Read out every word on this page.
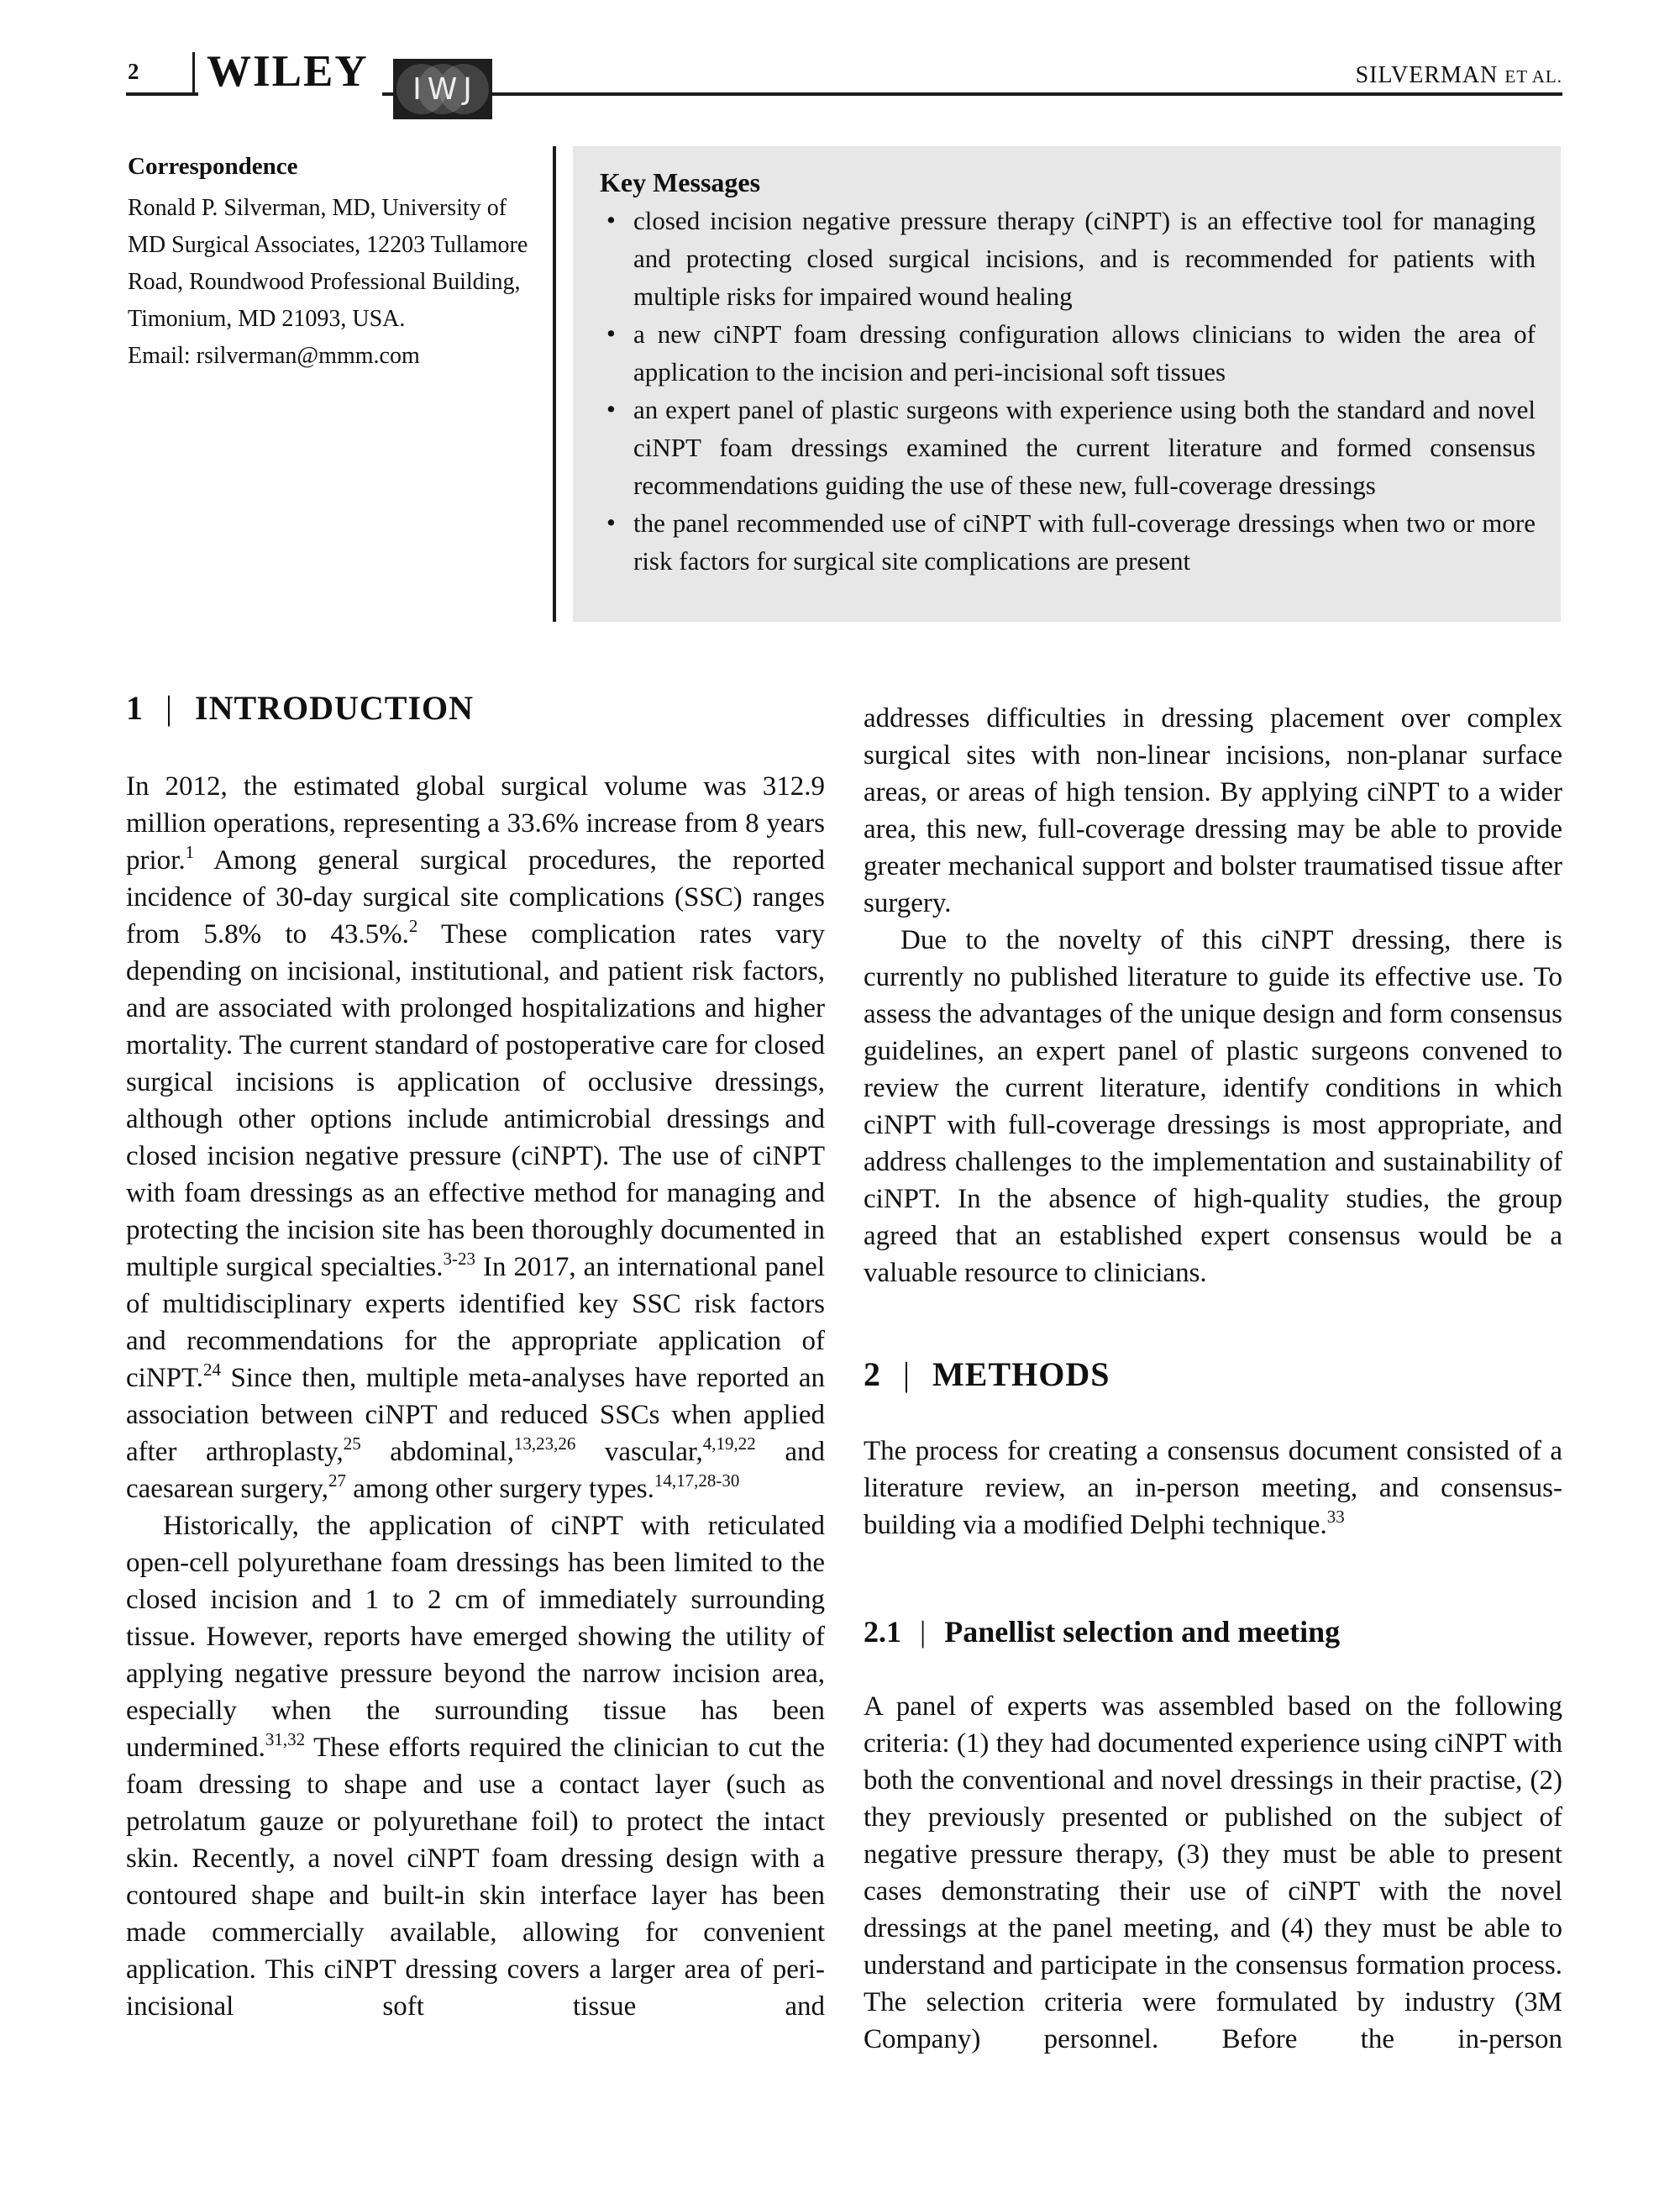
2 WILEY	IWJ	SILVERMAN ET AL.
Correspondence
Ronald P. Silverman, MD, University of
MD Surgical Associates, 12203 Tullamore
Road, Roundwood Professional Building,
Timonium, MD 21093, USA.
Email: rsilverman@mmm.com
Key Messages
• closed incision negative pressure therapy (ciNPT) is an effective tool for managing and protecting closed surgical incisions, and is recommended for patients with multiple risks for impaired wound healing
• a new ciNPT foam dressing configuration allows clinicians to widen the area of application to the incision and peri-incisional soft tissues
• an expert panel of plastic surgeons with experience using both the standard and novel ciNPT foam dressings examined the current literature and formed consensus recommendations guiding the use of these new, full-coverage dressings
• the panel recommended use of ciNPT with full-coverage dressings when two or more risk factors for surgical site complications are present
1 | INTRODUCTION

In 2012, the estimated global surgical volume was 312.9 million operations, representing a 33.6% increase from 8 years prior.$^1$ Among general surgical procedures, the reported incidence of 30-day surgical site complications (SSC) ranges from 5.8% to 43.5%.$^2$ These complication rates vary depending on incisional, institutional, and patient risk factors, and are associated with prolonged hospitalizations and higher mortality. The current standard of postoperative care for closed surgical incisions is application of occlusive dressings, although other options include antimicrobial dressings and closed incision negative pressure (ciNPT). The use of ciNPT with foam dressings as an effective method for managing and protecting the incision site has been thoroughly documented in multiple surgical specialties.$^{3-23}$ In 2017, an international panel of multidisciplinary experts identified key SSC risk factors and recommendations for the appropriate application of ciNPT.$^{24}$ Since then, multiple meta-analyses have reported an association between ciNPT and reduced SSCs when applied after arthroplasty,$^{25}$ abdominal,$^{13,23,26}$ vascular,$^{4,19,22}$ and caesarean surgery,$^{27}$ among other surgery types.$^{14,17,28-30}$

Historically, the application of ciNPT with reticulated open-cell polyurethane foam dressings has been limited to the closed incision and 1 to 2 cm of immediately surrounding tissue. However, reports have emerged showing the utility of applying negative pressure beyond the narrow incision area, especially when the surrounding tissue has been undermined.$^{31,32}$ These efforts required the clinician to cut the foam dressing to shape and use a contact layer (such as petrolatum gauze or polyurethane foil) to protect the intact skin. Recently, a novel ciNPT foam dressing design with a contoured shape and built-in skin interface layer has been made commercially available, allowing for convenient application. This ciNPT dressing covers a larger area of peri-incisional soft tissue and

addresses difficulties in dressing placement over complex surgical sites with non-linear incisions, non-planar surface areas, or areas of high tension. By applying ciNPT to a wider area, this new, full-coverage dressing may be able to provide greater mechanical support and bolster traumatised tissue after surgery.

Due to the novelty of this ciNPT dressing, there is currently no published literature to guide its effective use. To assess the advantages of the unique design and form consensus guidelines, an expert panel of plastic surgeons convened to review the current literature, identify conditions in which ciNPT with full-coverage dressings is most appropriate, and address challenges to the implementation and sustainability of ciNPT. In the absence of high-quality studies, the group agreed that an established expert consensus would be a valuable resource to clinicians.

2 | METHODS

The process for creating a consensus document consisted of a literature review, an in-person meeting, and consensus-building via a modified Delphi technique.$^{33}$

2.1 | Panellist selection and meeting

A panel of experts was assembled based on the following criteria: (1) they had documented experience using ciNPT with both the conventional and novel dressings in their practise, (2) they previously presented or published on the subject of negative pressure therapy, (3) they must be able to present cases demonstrating their use of ciNPT with the novel dressings at the panel meeting, and (4) they must be able to understand and participate in the consensus formation process. The selection criteria were formulated by industry (3M Company) personnel. Before the in-person
